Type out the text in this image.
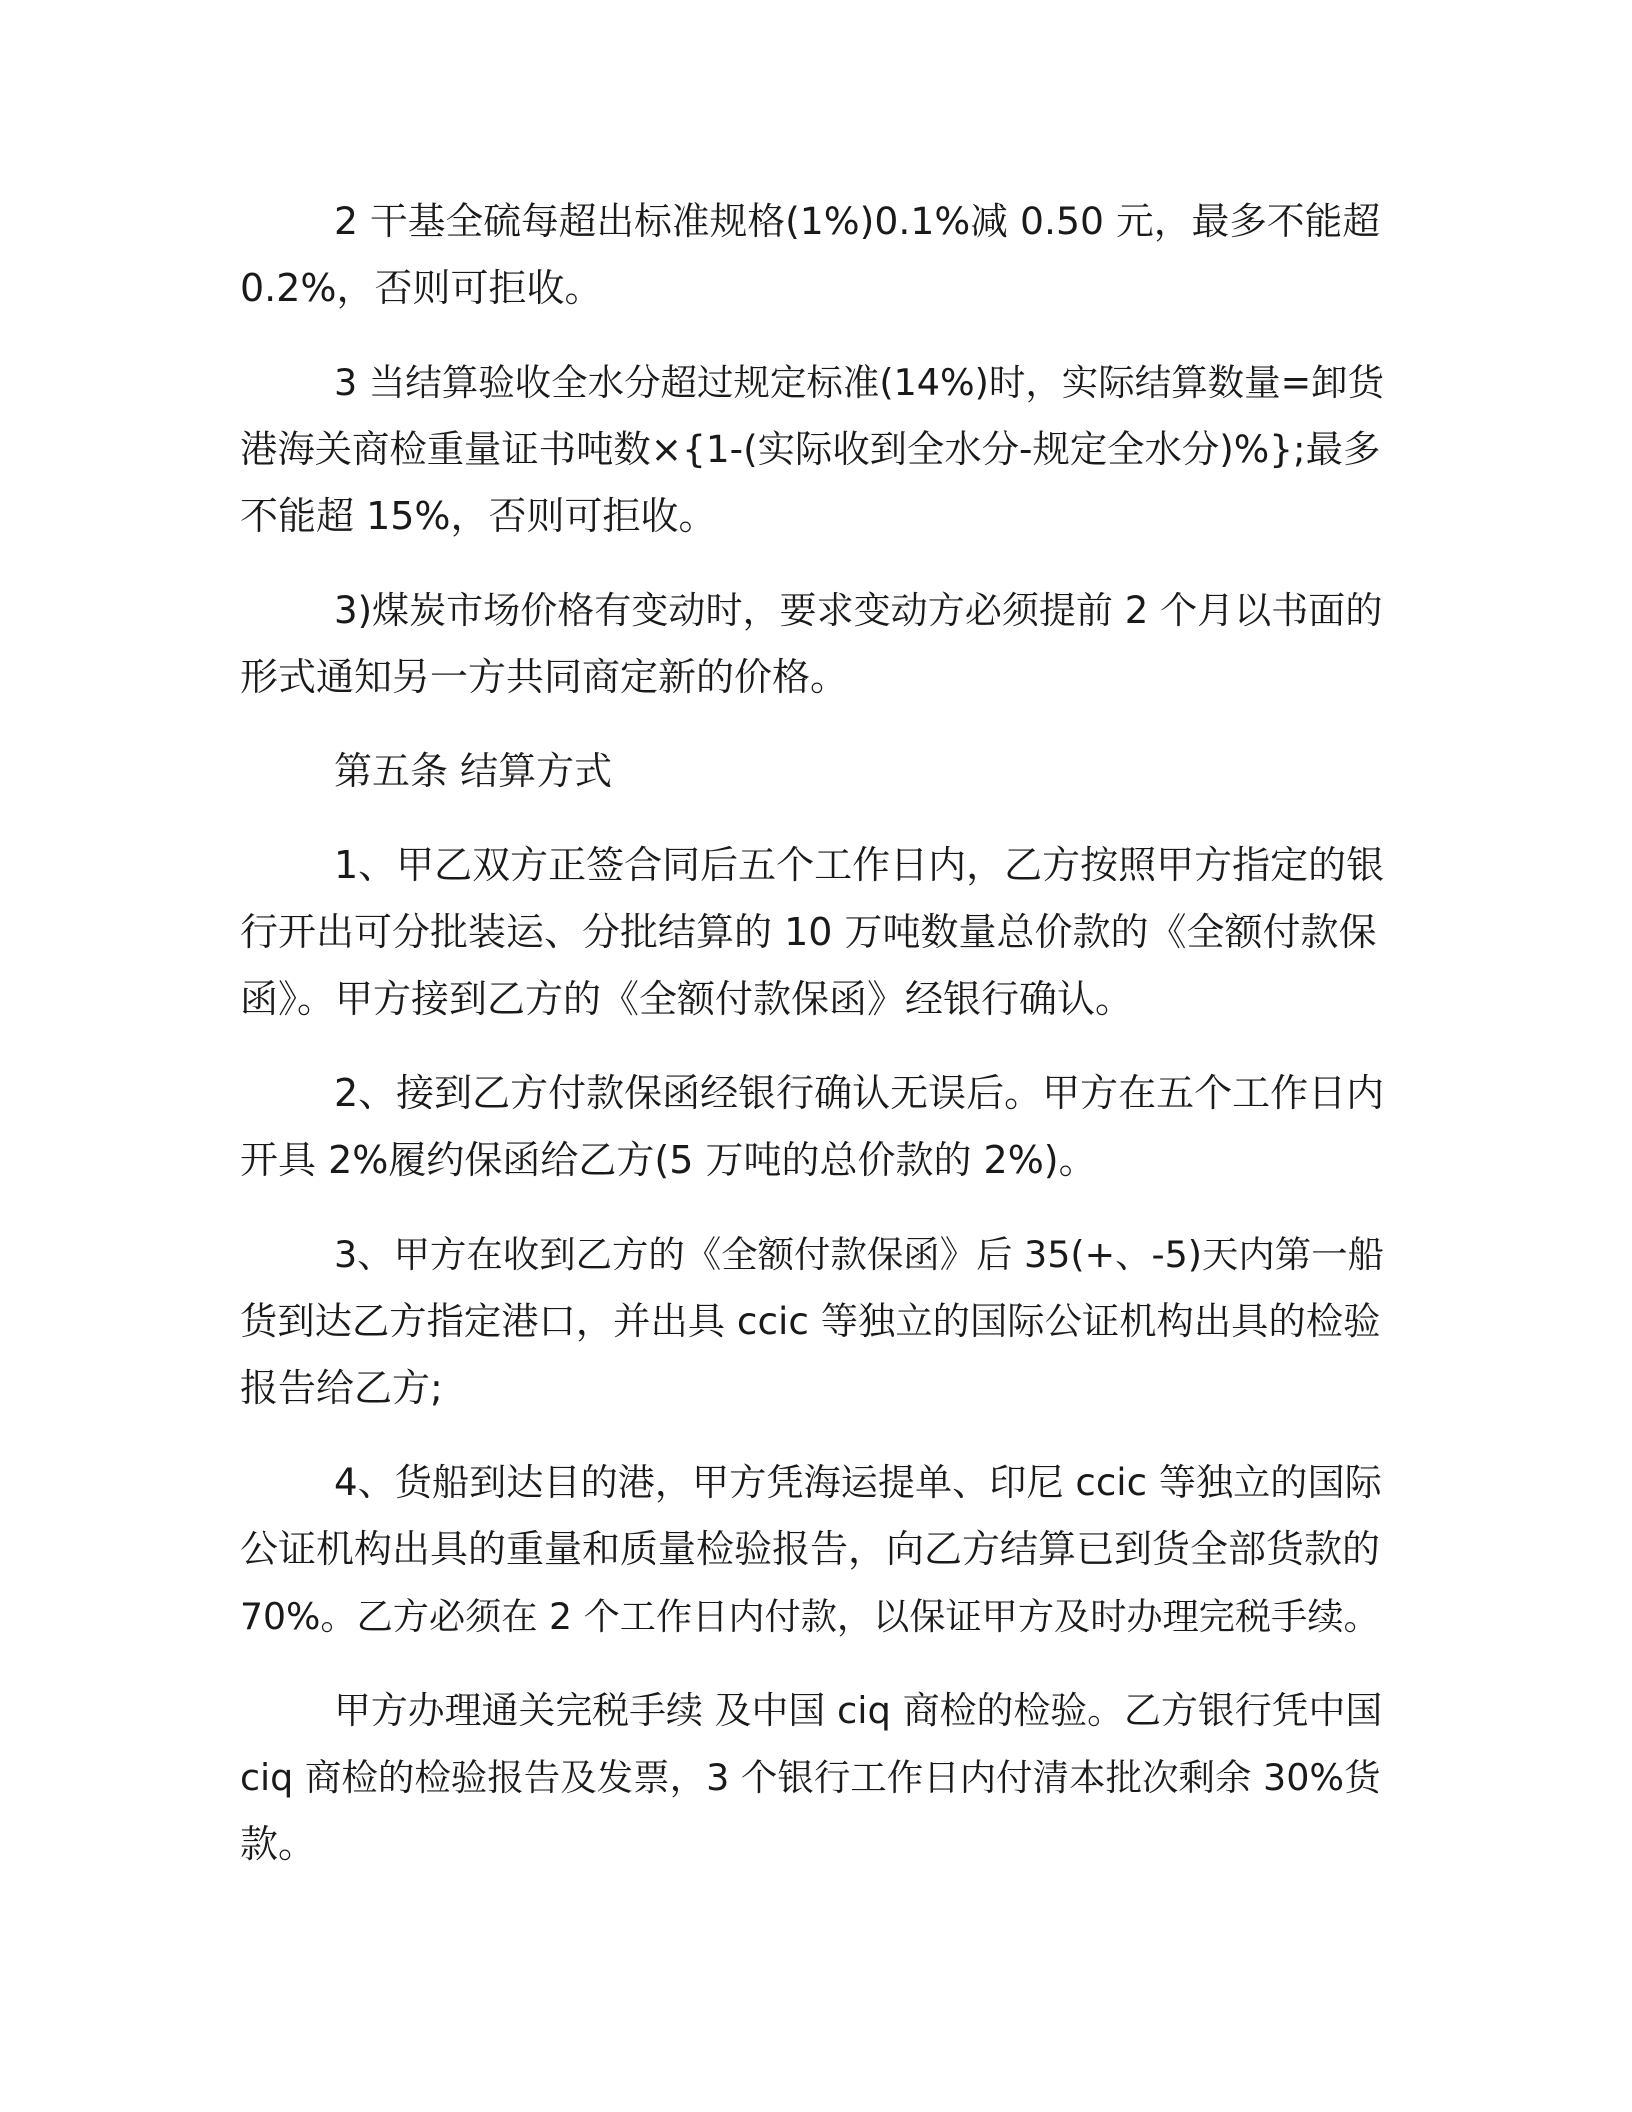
2 干基全硫每超出标准规格(1%)0.1%减 0.50 元，最多不能超
0.2%，否则可拒收。

3 当结算验收全水分超过规定标准(14%)时，实际结算数量=卸货
港海关商检重量证书吨数×{1-(实际收到全水分-规定全水分)%};最多
不能超 15%，否则可拒收。

3)煤炭市场价格有变动时，要求变动方必须提前 2 个月以书面的
形式通知另一方共同商定新的价格。

第五条 结算方式

1、甲乙双方正签合同后五个工作日内，乙方按照甲方指定的银
行开出可分批装运、分批结算的 10 万吨数量总价款的《全额付款保
函》。甲方接到乙方的《全额付款保函》经银行确认。

2、接到乙方付款保函经银行确认无误后。甲方在五个工作日内
开具 2%履约保函给乙方(5 万吨的总价款的 2%)。

3、甲方在收到乙方的《全额付款保函》后 35(+、-5)天内第一船
货到达乙方指定港口，并出具 ccic 等独立的国际公证机构出具的检验
报告给乙方;

4、货船到达目的港，甲方凭海运提单、印尼 ccic 等独立的国际
公证机构出具的重量和质量检验报告，向乙方结算已到货全部货款的
70%。乙方必须在 2 个工作日内付款，以保证甲方及时办理完税手续。

甲方办理通关完税手续 及中国 ciq 商检的检验。乙方银行凭中国
ciq 商检的检验报告及发票，3 个银行工作日内付清本批次剩余 30%货
款。
